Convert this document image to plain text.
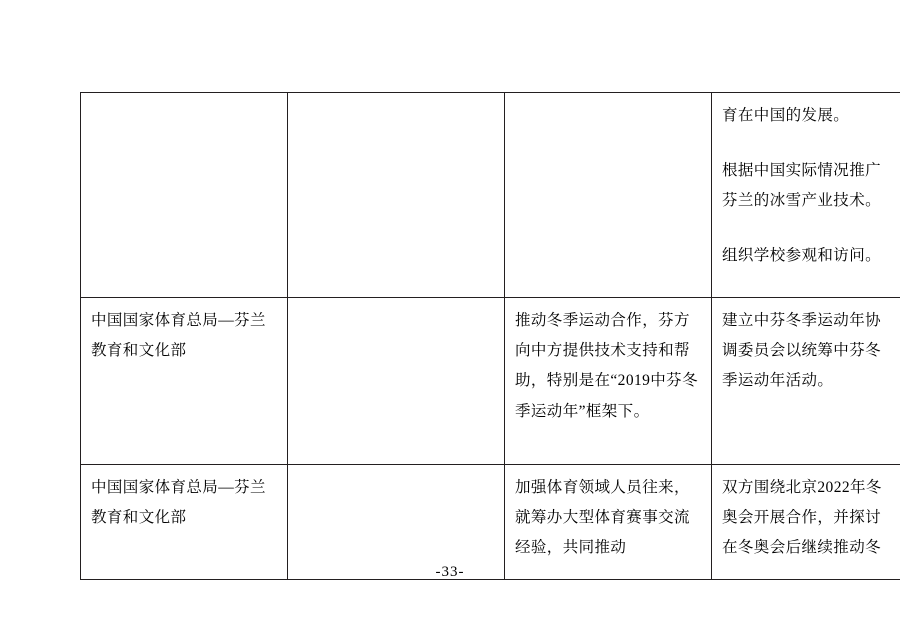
			育在中国的发展。

根据中国实际情况推广芬兰的冰雪产业技术。

组织学校参观和访问。

中国国家体育总局—芬兰教育和文化部		推动冬季运动合作，芬方向中方提供技术支持和帮助，特别是在“2019中芬冬季运动年”框架下。	建立中芬冬季运动年协调委员会以统筹中芬冬季运动年活动。

中国国家体育总局—芬兰教育和文化部		加强体育领域人员往来，就筹办大型体育赛事交流经验，共同推动	双方围绕北京2022年冬奥会开展合作，并探讨在冬奥会后继续推动冬

-33-
